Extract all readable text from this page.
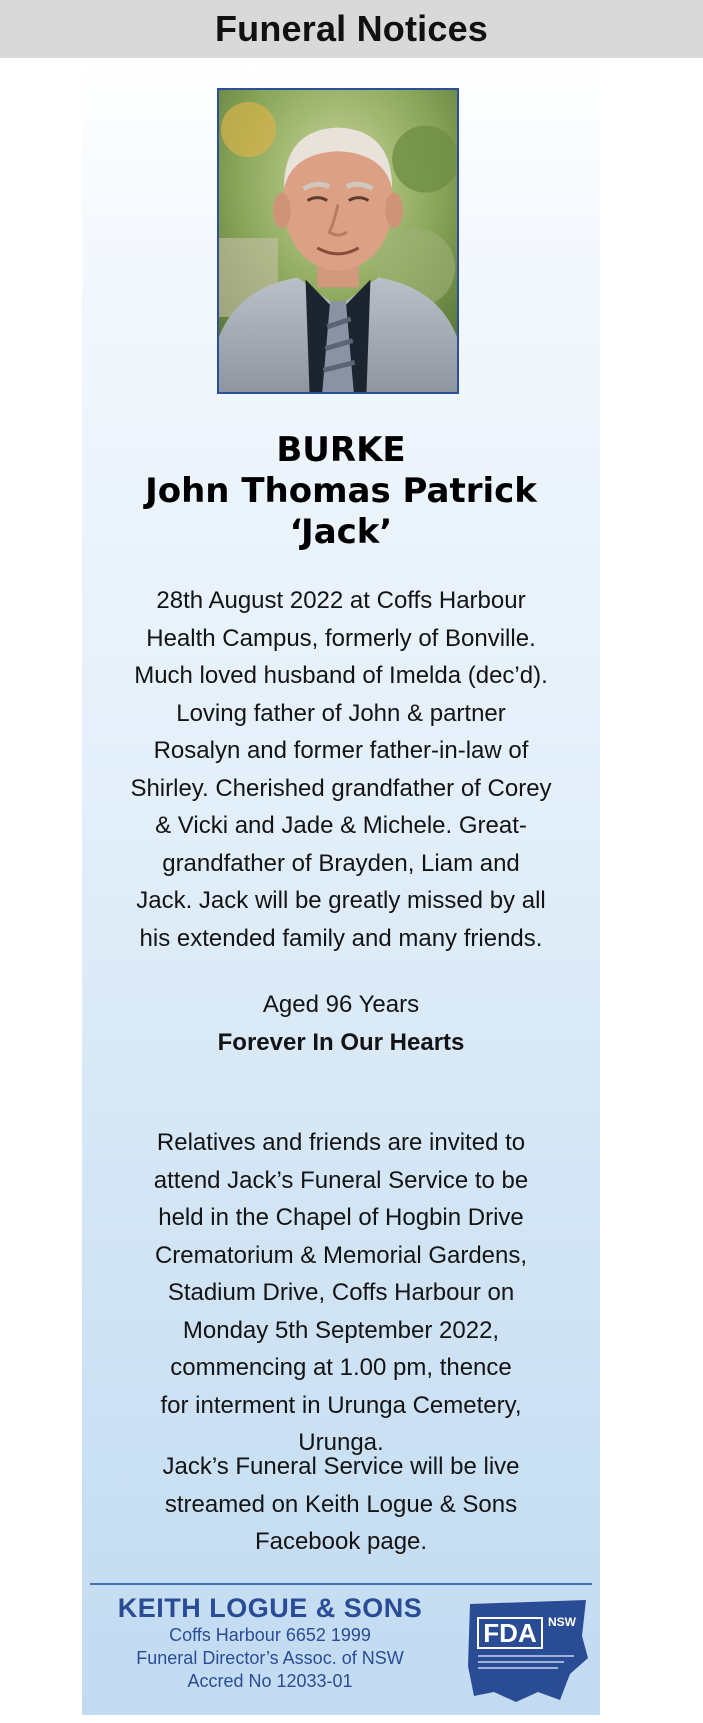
Funeral Notices
BURKE
John Thomas Patrick
‘Jack’
28th August 2022 at Coffs Harbour
Health Campus, formerly of Bonville.
Much loved husband of Imelda (dec’d).
Loving father of John & partner
Rosalyn and former father-in-law of
Shirley. Cherished grandfather of Corey
& Vicki and Jade & Michele. Great-
grandfather of Brayden, Liam and
Jack. Jack will be greatly missed by all
his extended family and many friends.
Aged 96 Years
Forever In Our Hearts
Relatives and friends are invited to
attend Jack’s Funeral Service to be
held in the Chapel of Hogbin Drive
Crematorium & Memorial Gardens,
Stadium Drive, Coffs Harbour on
Monday 5th September 2022,
commencing at 1.00 pm, thence
for interment in Urunga Cemetery,
Urunga.
Jack’s Funeral Service will be live
streamed on Keith Logue & Sons
Facebook page.
KEITH LOGUE & SONS
Coffs Harbour 6652 1999
Funeral Director’s Assoc. of NSW
Accred No 12033-01
FDA NSW
